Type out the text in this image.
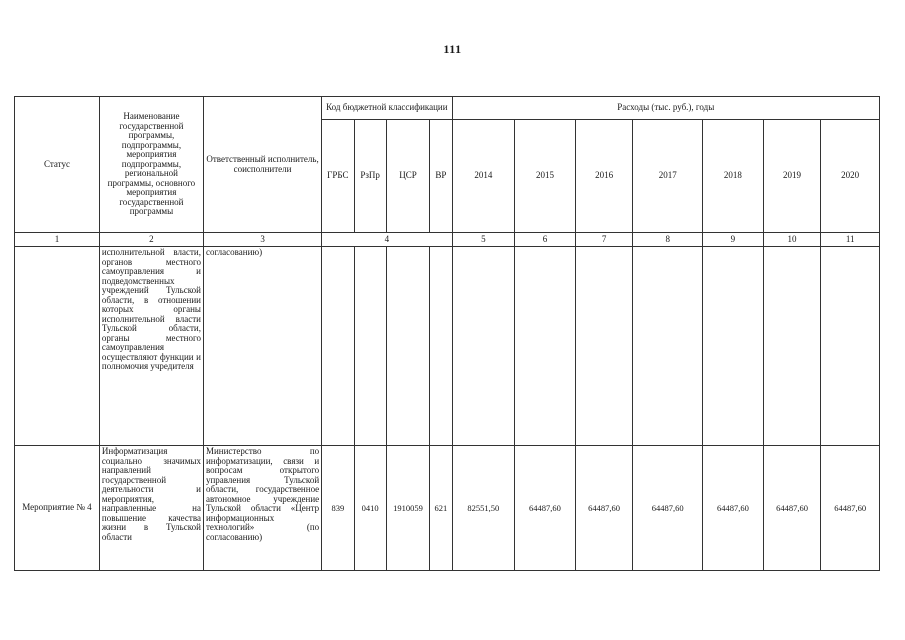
111
Статус	Наименование государственной программы, подпрограммы, мероприятия подпрограммы, региональной программы, основного мероприятия государственной программы	Ответственный исполнитель, соисполнители	Код бюджетной классификации				Расходы (тыс. руб.), годы						
			ГРБС	РзПр	ЦСР	ВР	2014	2015	2016	2017	2018	2019	2020
1	2	3	4				5	6	7	8	9	10	11
	исполнительной власти, органов местного самоуправления и подведомственных учреждений Тульской области, в отношении которых органы исполнительной власти Тульской области, органы местного самоуправления осуществляют функции и полномочия учредителя	согласованию)											
Мероприятие № 4	Информатизация социально значимых направлений государственной деятельности и мероприятия, направленные на повышение качества жизни в Тульской области	Министерство по информатизации, связи и вопросам открытого управления Тульской области, государственное автономное учреждение Тульской области «Центр информационных технологий» (по согласованию)	839	0410	1910059	621	82551,50	64487,60	64487,60	64487,60	64487,60	64487,60	64487,60
